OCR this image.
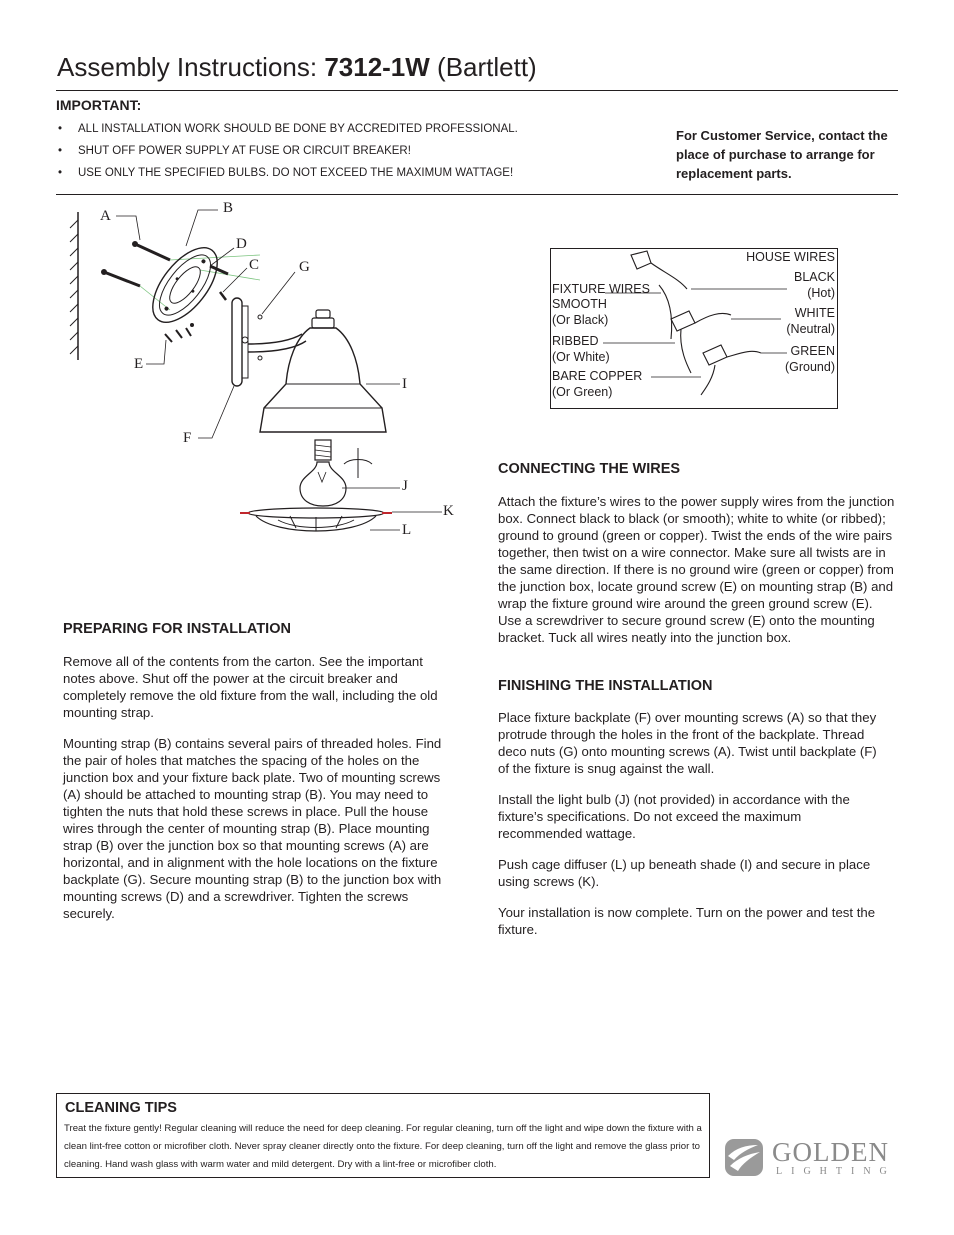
Assembly Instructions: 7312-1W (Bartlett)
IMPORTANT:
• ALL INSTALLATION WORK SHOULD BE DONE BY ACCREDITED PROFESSIONAL.
• SHUT OFF POWER SUPPLY AT FUSE OR CIRCUIT BREAKER!
• USE ONLY THE SPECIFIED BULBS. DO NOT EXCEED THE MAXIMUM WATTAGE!
For Customer Service, contact the place of purchase to arrange for replacement parts.
A	B
C
D
E
F
G
I
J
K
L
HOUSE WIRES
BLACK
(Hot)
WHITE
(Neutral)
GREEN
(Ground)
FIXTURE WIRES
SMOOTH
(Or Black)
RIBBED
(Or White)
BARE COPPER
(Or Green)
CONNECTING THE WIRES

Attach the fixture’s wires to the power supply wires from the junction box. Connect black to black (or smooth); white to white (or ribbed); ground to ground (green or copper). Twist the ends of the wire pairs together, then twist on a wire connector. Make sure all twists are in the same direction. If there is no ground wire (green or copper) from the junction box, locate ground screw (E) on mounting strap (B) and wrap the fixture ground wire around the green ground screw (E). Use a screwdriver to secure ground screw (E) onto the mounting bracket. Tuck all wires neatly into the junction box.

FINISHING THE INSTALLATION

Place fixture backplate (F) over mounting screws (A) so that they protrude through the holes in the front of the backplate. Thread deco nuts (G) onto mounting screws (A). Twist until backplate (F) of the fixture is snug against the wall.

Install the light bulb (J) (not provided) in accordance with the fixture’s specifications. Do not exceed the maximum recommended wattage.

Push cage diffuser (L) up beneath shade (I) and secure in place using screws (K).

Your installation is now complete. Turn on the power and test the fixture.

PREPARING FOR INSTALLATION

Remove all of the contents from the carton. See the important notes above. Shut off the power at the circuit breaker and completely remove the old fixture from the wall, including the old mounting strap.

Mounting strap (B) contains several pairs of threaded holes. Find the pair of holes that matches the spacing of the holes on the junction box and your fixture back plate. Two of mounting screws (A) should be attached to mounting strap (B). You may need to tighten the nuts that hold these screws in place. Pull the house wires through the center of mounting strap (B). Place mounting strap (B) over the junction box so that mounting screws (A) are horizontal, and in alignment with the hole locations on the fixture backplate (G). Secure mounting strap (B) to the junction box with mounting screws (D) and a screwdriver. Tighten the screws securely.

CLEANING TIPS
Treat the fixture gently! Regular cleaning will reduce the need for deep cleaning. For regular cleaning, turn off the light and wipe down the fixture with a clean lint-free cotton or microfiber cloth. Never spray cleaner directly onto the fixture. For deep cleaning, turn off the light and remove the glass prior to cleaning. Hand wash glass with warm water and mild detergent. Dry with a lint-free or microfiber cloth.	GOLDEN
LIGHTING
